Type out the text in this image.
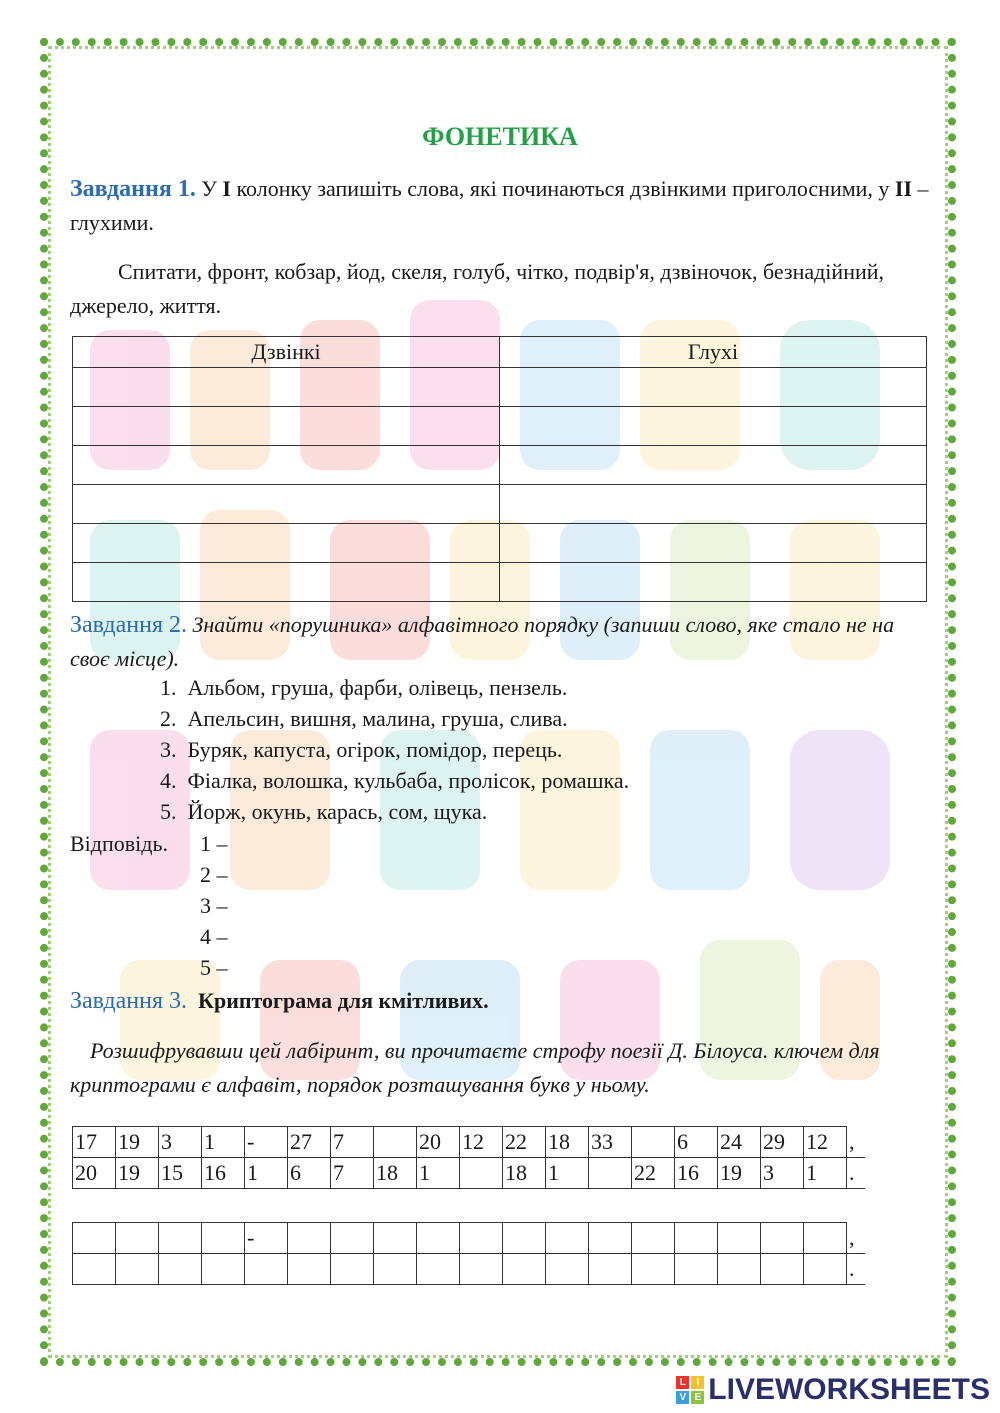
ФОНЕТИКА
Завдання 1. У I колонку запишіть слова, які починаються дзвінкими приголосними, у II – глухими.
Спитати, фронт, кобзар, йод, скеля, голуб, чітко, подвір'я, дзвіночок, безнадійний, джерело, життя.
Дзвінкі	Глухі

Завдання 2. Знайти «порушника» алфавітного порядку (запиши слово, яке стало не на своє місце).
1. Альбом, груша, фарби, олівець, пензель.
2. Апельсин, вишня, малина, груша, слива.
3. Буряк, капуста, огірок, помідор, перець.
4. Фіалка, волошка, кульбаба, пролісок, ромашка.
5. Йорж, окунь, карась, сом, щука.
Відповідь. 1 –
2 –
3 –
4 –
5 –
Завдання 3. Криптограма для кмітливих.
Розшифрувавши цей лабіринт, ви прочитаєте строфу поезії Д. Білоуса. ключем для криптограми є алфавіт, порядок розташування букв у ньому.
17	19	3	1	-	27	7		20	12	22	18	33		6	24	29	12	,
20	19	15	16	1	6	7	18	1		18	1		22	16	19	3	1	.
				-														,
																		.
L	I
V E LIVEWORKSHEETS
